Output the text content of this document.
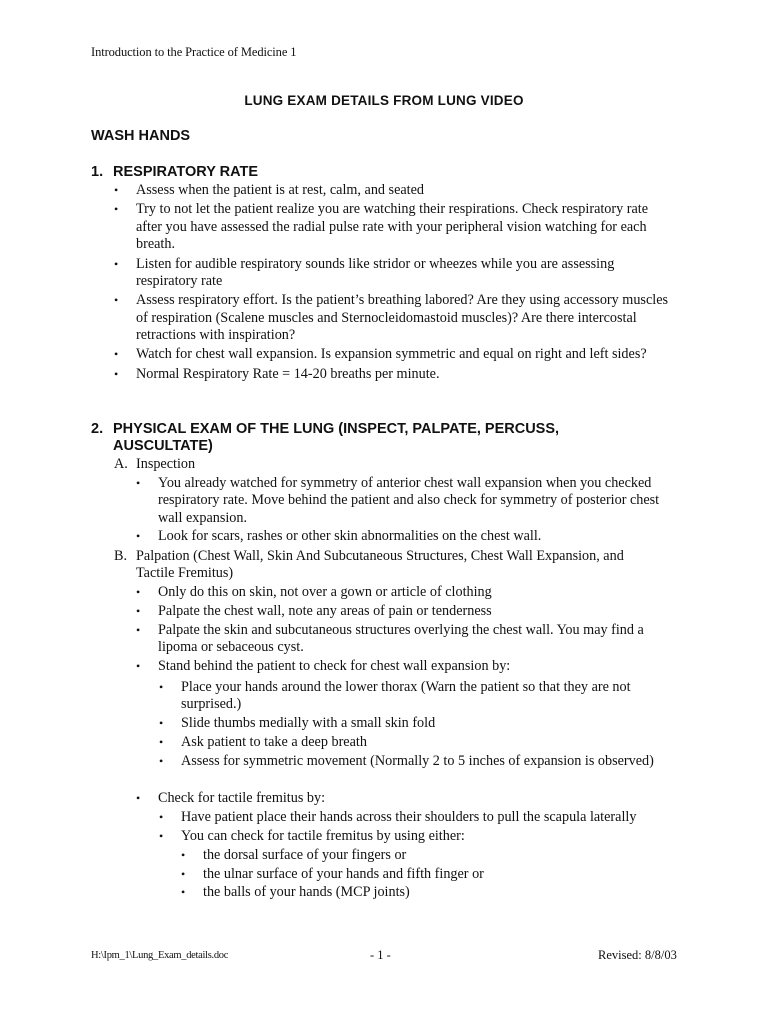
Introduction to the Practice of Medicine 1
LUNG EXAM DETAILS FROM LUNG VIDEO
WASH HANDS
1. RESPIRATORY RATE
• Assess when the patient is at rest, calm, and seated
• Try to not let the patient realize you are watching their respirations. Check respiratory rate after you have assessed the radial pulse rate with your peripheral vision watching for each breath.
• Listen for audible respiratory sounds like stridor or wheezes while you are assessing respiratory rate
• Assess respiratory effort. Is the patient’s breathing labored? Are they using accessory muscles of respiration (Scalene muscles and Sternocleidomastoid muscles)? Are there intercostal retractions with inspiration?
• Watch for chest wall expansion. Is expansion symmetric and equal on right and left sides?
• Normal Respiratory Rate = 14-20 breaths per minute.
2. PHYSICAL EXAM OF THE LUNG (INSPECT, PALPATE, PERCUSS,
AUSCULTATE)
A. Inspection
• You already watched for symmetry of anterior chest wall expansion when you checked respiratory rate. Move behind the patient and also check for symmetry of posterior chest wall expansion.
• Look for scars, rashes or other skin abnormalities on the chest wall.
B. Palpation (Chest Wall, Skin And Subcutaneous Structures, Chest Wall Expansion, and
Tactile Fremitus)
• Only do this on skin, not over a gown or article of clothing
• Palpate the chest wall, note any areas of pain or tenderness
• Palpate the skin and subcutaneous structures overlying the chest wall. You may find a lipoma or sebaceous cyst.
• Stand behind the patient to check for chest wall expansion by:
• Place your hands around the lower thorax (Warn the patient so that they are not surprised.)
• Slide thumbs medially with a small skin fold
• Ask patient to take a deep breath
• Assess for symmetric movement (Normally 2 to 5 inches of expansion is observed)
• Check for tactile fremitus by:
• Have patient place their hands across their shoulders to pull the scapula laterally
• You can check for tactile fremitus by using either:
• the dorsal surface of your fingers or
• the ulnar surface of your hands and fifth finger or
• the balls of your hands (MCP joints)
H:\Ipm_1\Lung_Exam_details.doc	- 1 -	Revised: 8/8/03
